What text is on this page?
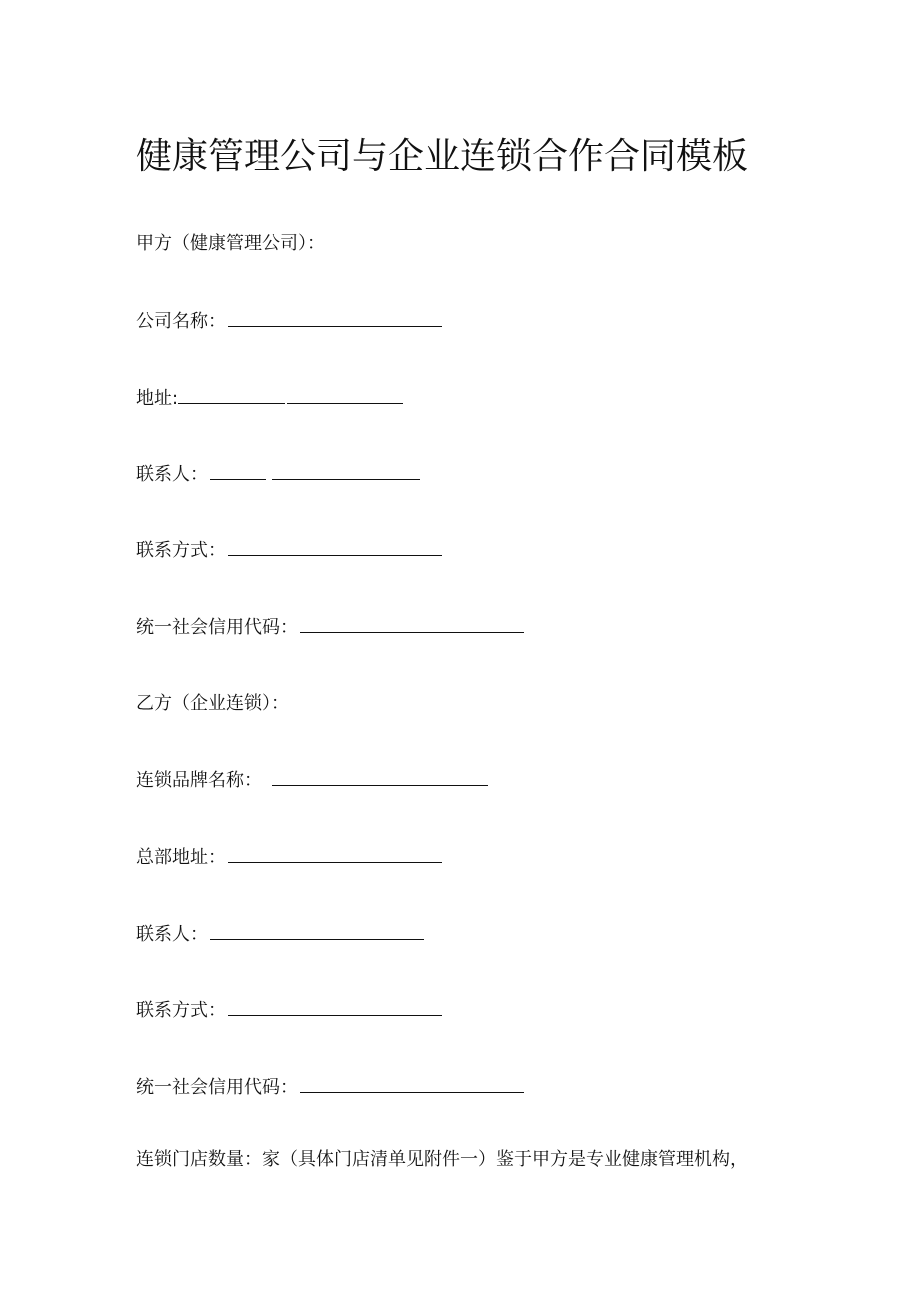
健康管理公司与企业连锁合作合同模板
甲方（健康管理公司）：
公司名称：
地址:
联系人：
联系方式：
统一社会信用代码：
乙方（企业连锁）：
连锁品牌名称：
总部地址：
联系人：
联系方式：
统一社会信用代码：
连锁门店数量：家（具体门店清单见附件一）鉴于甲方是专业健康管理机构，
